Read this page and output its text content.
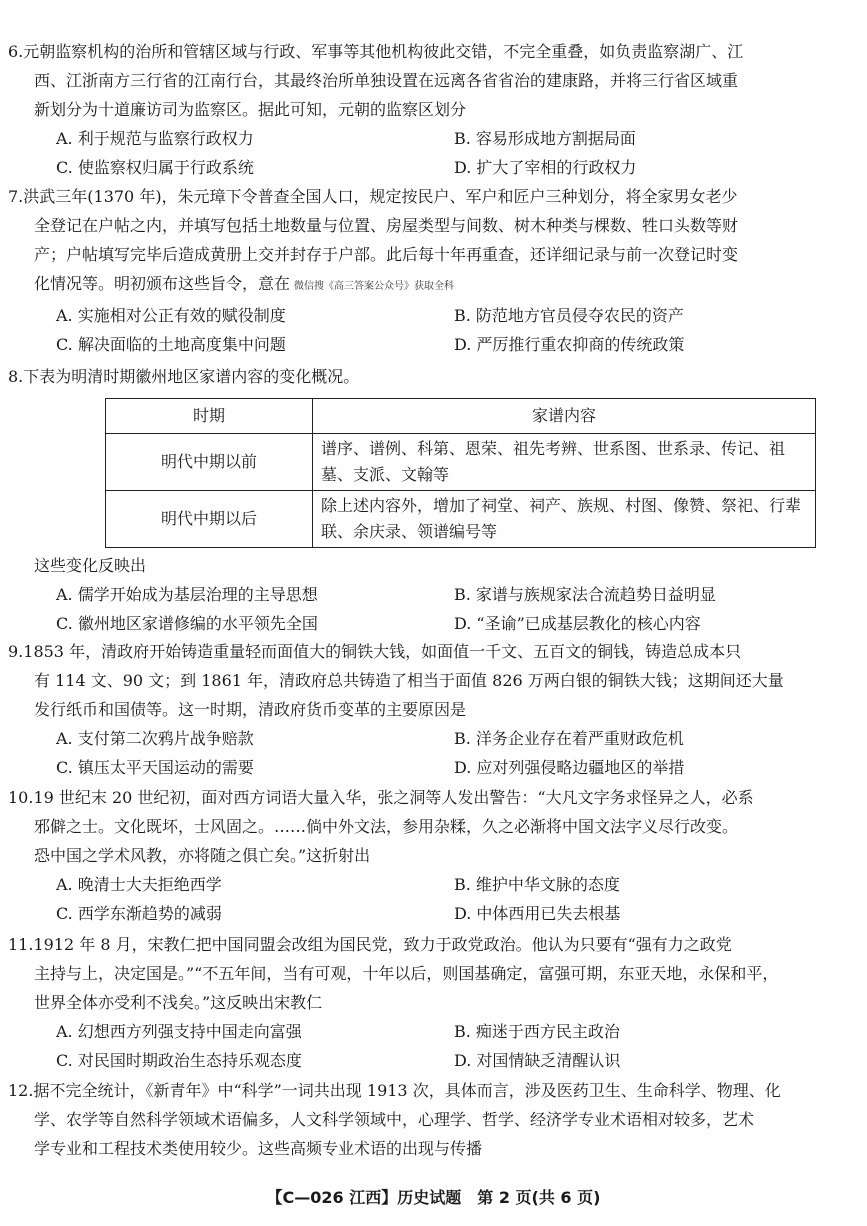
6.元朝监察机构的治所和管辖区域与行政、军事等其他机构彼此交错，不完全重叠，如负责监察湖广、江

西、江浙南方三行省的江南行台，其最终治所单独设置在远离各省省治的建康路，并将三行省区域重

新划分为十道廉访司为监察区。据此可知，元朝的监察区划分

A. 利于规范与监察行政权力	B. 容易形成地方割据局面
C. 使监察权归属于行政系统	D. 扩大了宰相的行政权力

7.洪武三年(1370 年)，朱元璋下令普查全国人口，规定按民户、军户和匠户三种划分，将全家男女老少

全登记在户帖之内，并填写包括土地数量与位置、房屋类型与间数、树木种类与棵数、牲口头数等财

产；户帖填写完毕后造成黄册上交并封存于户部。此后每十年再重查，还详细记录与前一次登记时变

化情况等。明初颁布这些旨令，意在 微信搜《高三答案公众号》获取全科

A. 实施相对公正有效的赋役制度	B. 防范地方官员侵夺农民的资产
C. 解决面临的土地高度集中问题	D. 严厉推行重农抑商的传统政策

8.下表为明清时期徽州地区家谱内容的变化概况。

时期	家谱内容
明代中期以前	谱序、谱例、科第、恩荣、祖先考辨、世系图、世系录、传记、祖墓、支派、文翰等
明代中期以后	除上述内容外，增加了祠堂、祠产、族规、村图、像赞、祭祀、行辈联、余庆录、领谱编号等

这些变化反映出

A. 儒学开始成为基层治理的主导思想	B. 家谱与族规家法合流趋势日益明显
C. 徽州地区家谱修编的水平领先全国	D. “圣谕”已成基层教化的核心内容

9.1853 年，清政府开始铸造重量轻而面值大的铜铁大钱，如面值一千文、五百文的铜钱，铸造总成本只

有 114 文、90 文；到 1861 年，清政府总共铸造了相当于面值 826 万两白银的铜铁大钱；这期间还大量

发行纸币和国债等。这一时期，清政府货币变革的主要原因是

A. 支付第二次鸦片战争赔款	B. 洋务企业存在着严重财政危机
C. 镇压太平天国运动的需要	D. 应对列强侵略边疆地区的举措

10.19 世纪末 20 世纪初，面对西方词语大量入华，张之洞等人发出警告：“大凡文字务求怪异之人，必系

邪僻之士。文化既坏，士风固之。……倘中外文法，参用杂糅，久之必渐将中国文法字义尽行改变。

恐中国之学术风教，亦将随之俱亡矣。”这折射出

A. 晚清士大夫拒绝西学	B. 维护中华文脉的态度
C. 西学东渐趋势的减弱	D. 中体西用已失去根基

11.1912 年 8 月，宋教仁把中国同盟会改组为国民党，致力于政党政治。他认为只要有“强有力之政党

主持与上，决定国是。”“不五年间，当有可观，十年以后，则国基确定，富强可期，东亚天地，永保和平，

世界全体亦受利不浅矣。”这反映出宋教仁

A. 幻想西方列强支持中国走向富强	B. 痴迷于西方民主政治
C. 对民国时期政治生态持乐观态度	D. 对国情缺乏清醒认识

12.据不完全统计，《新青年》中“科学”一词共出现 1913 次，具体而言，涉及医药卫生、生命科学、物理、化

学、农学等自然科学领域术语偏多，人文科学领域中，心理学、哲学、经济学专业术语相对较多，艺术

学专业和工程技术类使用较少。这些高频专业术语的出现与传播

【C—026 江西】历史试题　第 2 页(共 6 页)
